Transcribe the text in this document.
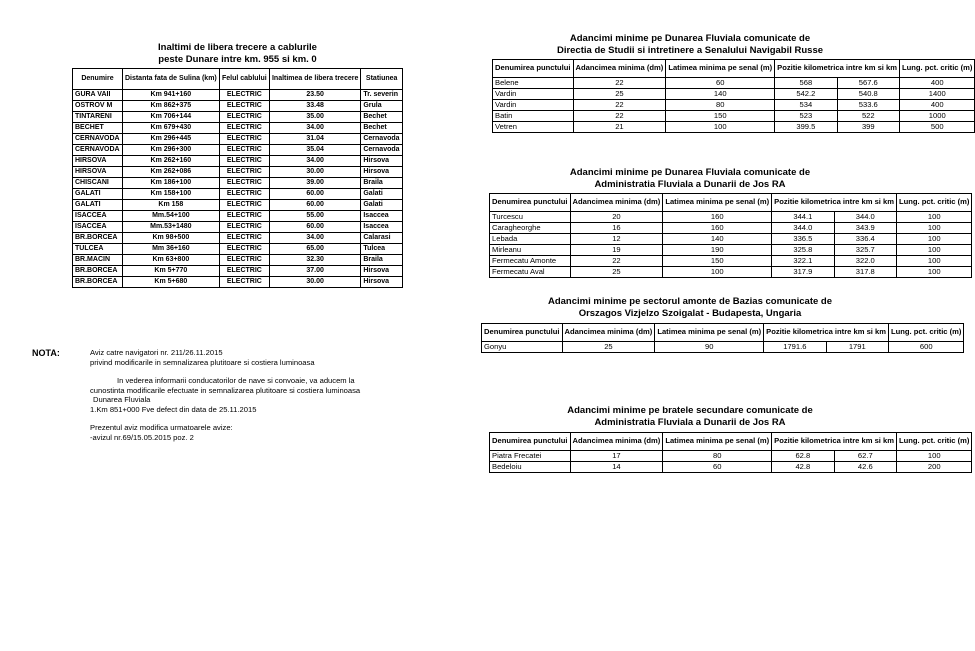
Inaltimi de libera trecere a cablurile
peste Dunare intre km. 955 si km. 0
Denumire	Distanta fata de Sulina (km)	Felul cablului	Inaltimea de libera trecere	Statiunea
GURA VAII	Km 941+160	ELECTRIC	23.50	Tr. severin
OSTROV M	Km 862+375	ELECTRIC	33.48	Grula
TINTARENI	Km 706+144	ELECTRIC	35.00	Bechet
BECHET	Km 679+430	ELECTRIC	34.00	Bechet
CERNAVODA	Km 296+445	ELECTRIC	31.04	Cernavoda
CERNAVODA	Km 296+300	ELECTRIC	35.04	Cernavoda
HIRSOVA	Km 262+160	ELECTRIC	34.00	Hirsova
HIRSOVA	Km 262+086	ELECTRIC	30.00	Hirsova
CHISCANI	Km 186+100	ELECTRIC	39.00	Braila
GALATI	Km 158+100	ELECTRIC	60.00	Galati
GALATI	Km 158	ELECTRIC	60.00	Galati
ISACCEA	Mm.54+100	ELECTRIC	55.00	Isaccea
ISACCEA	Mm.53+1480	ELECTRIC	60.00	Isaccea
BR.BORCEA	Km 98+500	ELECTRIC	34.00	Calarasi
TULCEA	Mm 36+160	ELECTRIC	65.00	Tulcea
BR.MACIN	Km 63+800	ELECTRIC	32.30	Braila
BR.BORCEA	Km 5+770	ELECTRIC	37.00	Hirsova
BR.BORCEA	Km 5+680	ELECTRIC	30.00	Hirsova
NOTA:	Aviz catre navigatori nr. 211/26.11.2015
privind modificarile in semnalizarea plutitoare si costiera luminoasa
In vederea informarii conducatorilor de nave si convoaie, va aducem la
cunostinta modificarile efectuate in semnalizarea plutitoare si costiera luminoasa
Dunarea Fluviala
1.Km 851+000 Fve defect din data de 25.11.2015
Prezentul aviz modifica urmatoarele avize:
-avizul nr.69/15.05.2015 poz. 2
Adancimi minime pe Dunarea Fluviala comunicate de
Directia de Studii si intretinere a Senalului Navigabil Russe
Denumirea punctului	Adancimea minima (dm)	Latimea minima pe senal (m)	Pozitie kilometrica intre km si km		Lung. pct. critic (m)
Belene	22	60	568	567.6	400
Vardin	25	140	542.2	540.8	1400
Vardin	22	80	534	533.6	400
Batin	22	150	523	522	1000
Vetren	21	100	399.5	399	500
Adancimi minime pe Dunarea Fluviala comunicate de
Administratia Fluviala a Dunarii de Jos RA
Denumirea punctului	Adancimea minima (dm)	Latimea minima pe senal (m)	Pozitie kilometrica intre km si km		Lung. pct. critic (m)
Turcescu	20	160	344.1	344.0	100
Caragheorghe	16	160	344.0	343.9	100
Lebada	12	140	336.5	336.4	100
Mirleanu	19	190	325.8	325.7	100
Fermecatu Amonte	22	150	322.1	322.0	100
Fermecatu Aval	25	100	317.9	317.8	100
Adancimi minime pe sectorul amonte de Bazias comunicate de
Orszagos Vizjelzo Szoigalat - Budapesta, Ungaria
Denumirea punctului	Adancimea minima (dm)	Latimea minima pe senal (m)	Pozitie kilometrica intre km si km		Lung. pct. critic (m)
Gonyu	25	90	1791.6	1791	600
Adancimi minime pe bratele secundare comunicate de
Administratia Fluviala a Dunarii de Jos RA
Denumirea punctului	Adancimea minima (dm)	Latimea minima pe senal (m)	Pozitie kilometrica intre km si km		Lung. pct. critic (m)
Piatra Frecatei	17	80	62.8	62.7	100
Bedeloiu	14	60	42.8	42.6	200
